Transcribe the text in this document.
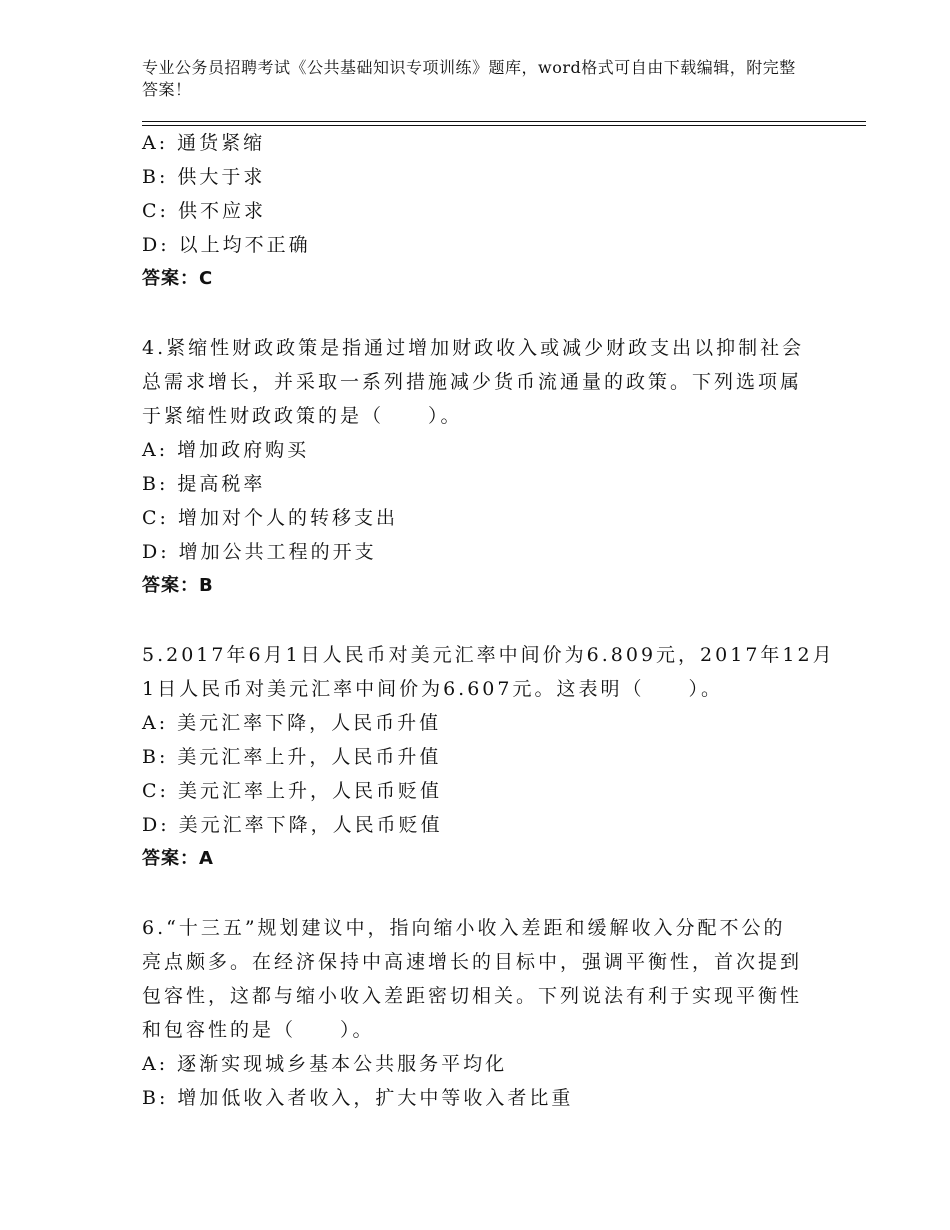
专业公务员招聘考试《公共基础知识专项训练》题库，word格式可自由下载编辑，附完整答案！
A: 通货紧缩
B: 供大于求
C: 供不应求
D: 以上均不正确
答案：C
4.紧缩性财政政策是指通过增加财政收入或减少财政支出以抑制社会
总需求增长，并采取一系列措施减少货币流通量的政策。下列选项属
于紧缩性财政政策的是（　　）。
A: 增加政府购买
B: 提高税率
C: 增加对个人的转移支出
D: 增加公共工程的开支
答案：B
5.2017年6月1日人民币对美元汇率中间价为6.809元，2017年12月
1日人民币对美元汇率中间价为6.607元。这表明（　　）。
A: 美元汇率下降，人民币升值
B: 美元汇率上升，人民币升值
C: 美元汇率上升，人民币贬值
D: 美元汇率下降，人民币贬值
答案：A
6.“十三五”规划建议中，指向缩小收入差距和缓解收入分配不公的
亮点颇多。在经济保持中高速增长的目标中，强调平衡性，首次提到
包容性，这都与缩小收入差距密切相关。下列说法有利于实现平衡性
和包容性的是（　　）。
A: 逐渐实现城乡基本公共服务平均化
B: 增加低收入者收入，扩大中等收入者比重
